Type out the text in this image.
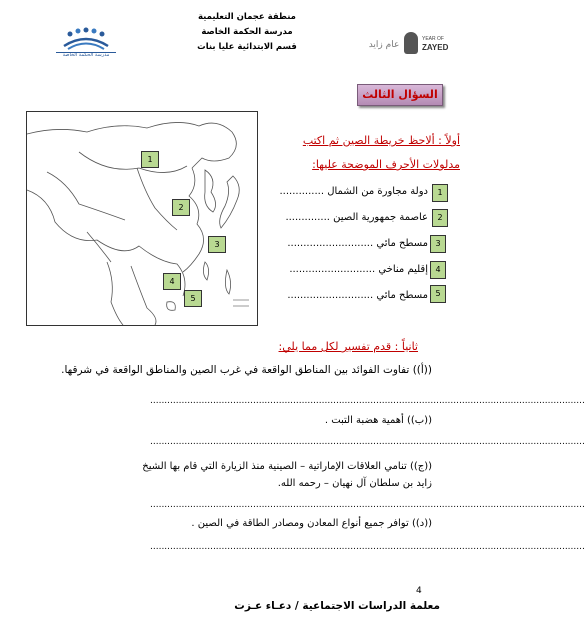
منطقة عجمان التعليمية
مدرسة الحكمة الخاصة
قسم الابتدائية عليا بنات
مدرسة الحكمة الخاصة
عام زايد
YEAR OF
ZAYED
السؤال الثالث
1
2
3
4
5
أولاً : ألاحظ خريطة الصين ثم اكتب
مدلولات الأحرف الموضحة عليها:
1
دولة مجاورة من الشمال ..............
2
عاصمة جمهورية الصين ..............
3
مسطح مائي ...........................
4
إقليم مناخي ...........................
5
مسطح مائي ...........................
ثانياً : قدم تفسير لكل مما يلي:
((أ)) تفاوت الفوائد بين المناطق الواقعة في غرب الصين والمناطق الواقعة في شرقها.
........................................................................................................................................................
((ب)) أهمية هضبة التبت .
........................................................................................................................................................
((ج)) تنامي العلاقات الإماراتية – الصينية منذ الزيارة التي قام بها الشيخ زايد بن سلطان آل نهيان – رحمه الله.
........................................................................................................................................................
((د)) توافر جميع أنواع المعادن ومصادر الطاقة في الصين .
........................................................................................................................................................
4
معلمة الدراسات الاجتماعية / دعـاء عـزت
